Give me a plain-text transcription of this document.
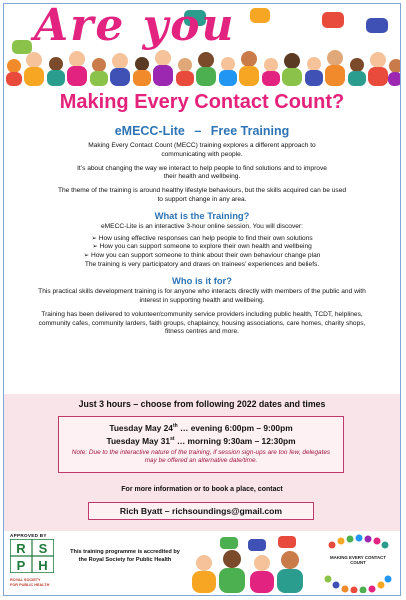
Are you
Making Every Contact Count?
eMECC-Lite – Free Training

Making Every Contact Count (MECC) training explores a different approach to communicating with people.

It’s about changing the way we interact to help people to find solutions and to improve their health and wellbeing.

The theme of the training is around healthy lifestyle behaviours, but the skills acquired can be used to support change in any area.

What is the Training?

eMECC-Lite is an interactive 3-hour online session. You will discover:

➢ How using effective responses can help people to find their own solutions
➢ How you can support someone to explore their own health and wellbeing
➢ How you can support someone to think about their own behaviour change plan

The training is very participatory and draws on trainees’ experiences and beliefs.

Who is it for?

This practical skills development training is for anyone who interacts directly with members of the public and with interest in supporting health and wellbeing.

Training has been delivered to volunteer/community service providers including public health, TCDT, helplines, community cafes, community larders, faith groups, chaplaincy, housing associations, care homes, charity shops, fitness centres and more.

Just 3 hours – choose from following 2022 dates and times
Tuesday May 24th … evening 6:00pm – 9:00pm
Tuesday May 31st … morning 9:30am – 12:30pm
Note: Due to the interactive nature of the training, if session sign-ups are too few, delegates may be offered an alternative date/time.
For more information or to book a place, contact
Rich Byatt – richsoundings@gmail.com
APPROVED BY
R S
P H
ROYAL SOCIETY
FOR PUBLIC HEALTH
This training programme is accredited by the Royal Society for Public Health	MAKING EVERY CONTACT COUNT
